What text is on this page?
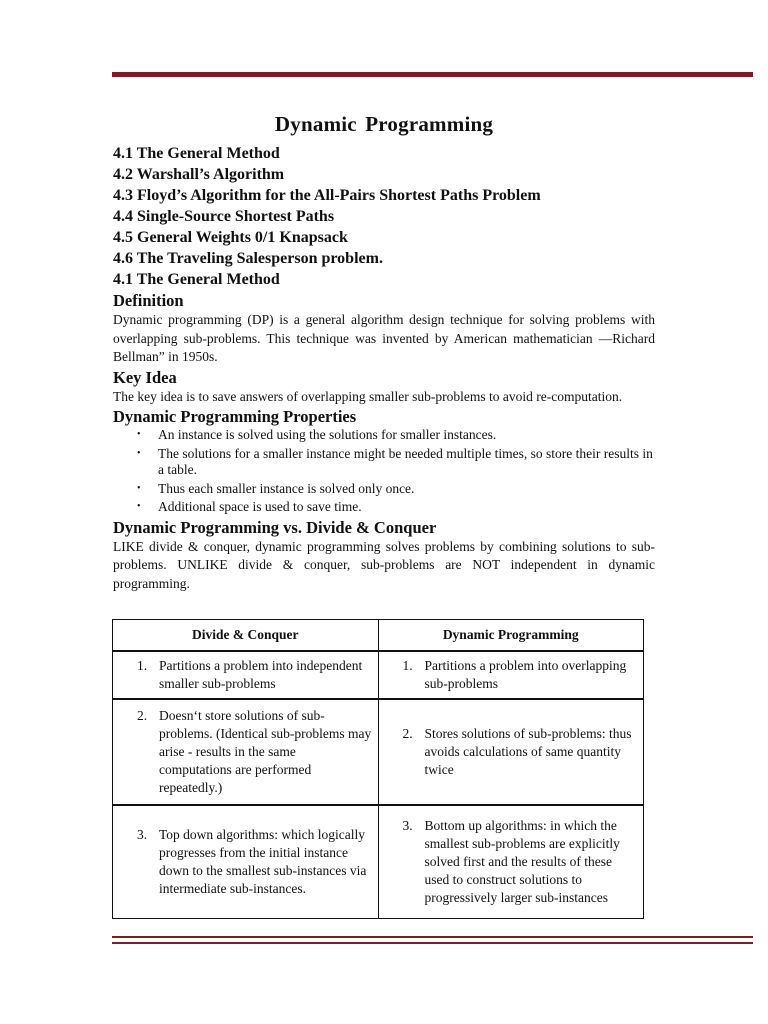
Dynamic Programming
4.1 The General Method
4.2 Warshall’s Algorithm
4.3 Floyd’s Algorithm for the All-Pairs Shortest Paths Problem
4.4 Single-Source Shortest Paths
4.5 General Weights 0/1 Knapsack
4.6 The Traveling Salesperson problem.
4.1 The General Method
Definition

Dynamic programming (DP) is a general algorithm design technique for solving problems with overlapping sub-problems. This technique was invented by American mathematician ―Richard Bellman” in 1950s.

Key Idea

The key idea is to save answers of overlapping smaller sub-problems to avoid re-computation.

Dynamic Programming Properties
• An instance is solved using the solutions for smaller instances.
• The solutions for a smaller instance might be needed multiple times, so store their results in a table.
• Thus each smaller instance is solved only once.
• Additional space is used to save time.
Dynamic Programming vs. Divide & Conquer

LIKE divide & conquer, dynamic programming solves problems by combining solutions to sub-problems. UNLIKE divide & conquer, sub-problems are NOT independent in dynamic programming.

Divide & Conquer	Dynamic Programming

1. Partitions a problem into independent smaller sub-problems	1. Partitions a problem into overlapping sub-problems

2. Doesn‘t store solutions of sub-problems. (Identical sub-problems may arise - results in the same computations are performed repeatedly.)	2. Stores solutions of sub-problems: thus avoids calculations of same quantity twice

3. Top down algorithms: which logically progresses from the initial instance down to the smallest sub-instances via intermediate sub-instances.	3. Bottom up algorithms: in which the smallest sub-problems are explicitly solved first and the results of these used to construct solutions to progressively larger sub-instances
